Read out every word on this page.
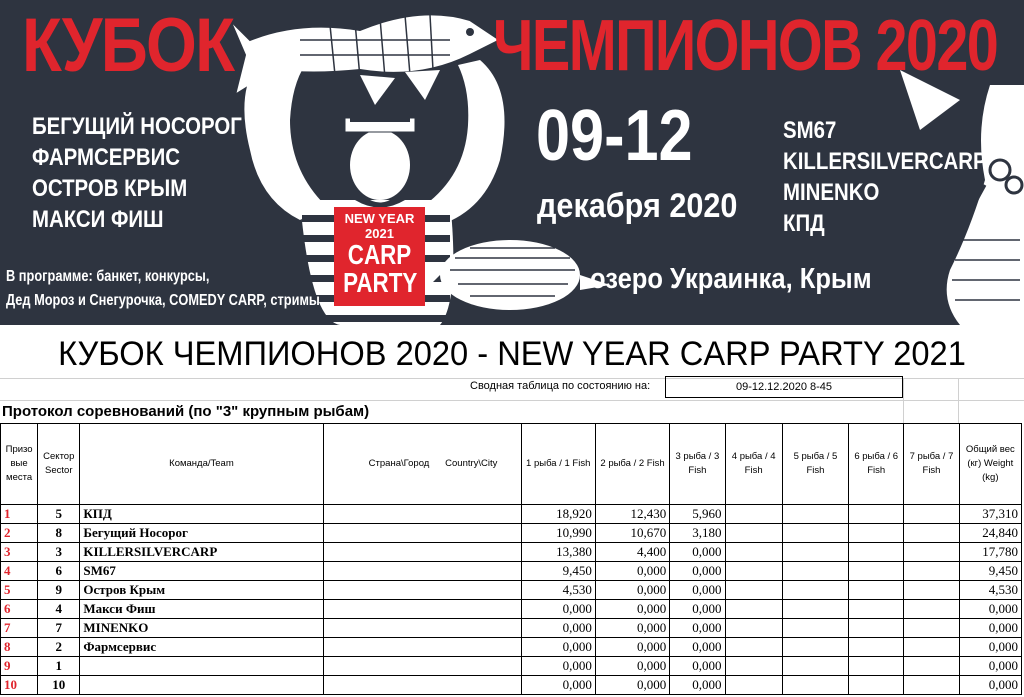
КУБОК	ЧЕМПИОНОВ 2020
БЕГУЩИЙ НОСОРОГ
ФАРМСЕРВИС
ОСТРОВ КРЫМ
МАКСИ ФИШ
SM67
KILLERSILVERCARP
MINENKO
КПД
09-12
декабря 2020
озеро Украинка, Крым
В программе: банкет, конкурсы,
Дед Мороз и Снегурочка, COMEDY CARP, стримы
NEW YEAR
2021
CARP
PARTY
КУБОК ЧЕМПИОНОВ 2020 - NEW YEAR CARP PARTY 2021
Сводная таблица по состоянию на:	09-12.12.2020 8-45
Протокол соревнований (по "3" крупным рыбам)
Призо вые места	Сектор Sector	Команда/Team	Страна\Город      Country\City	1 рыба / 1 Fish	2 рыба / 2 Fish	3 рыба / 3 Fish	4 рыба / 4 Fish	5 рыба / 5 Fish	6 рыба / 6 Fish	7 рыба / 7 Fish	Общий вес (кг) Weight (kg)
1	5	КПД		18,920	12,430	5,960					37,310
2	8	Бегущий Носорог		10,990	10,670	3,180					24,840
3	3	KILLERSILVERCARP		13,380	4,400	0,000					17,780
4	6	SM67		9,450	0,000	0,000					9,450
5	9	Остров Крым		4,530	0,000	0,000					4,530
6	4	Макси Фиш		0,000	0,000	0,000					0,000
7	7	MINENKO		0,000	0,000	0,000					0,000
8	2	Фармсервис		0,000	0,000	0,000					0,000
9	1			0,000	0,000	0,000					0,000
10	10			0,000	0,000	0,000					0,000
